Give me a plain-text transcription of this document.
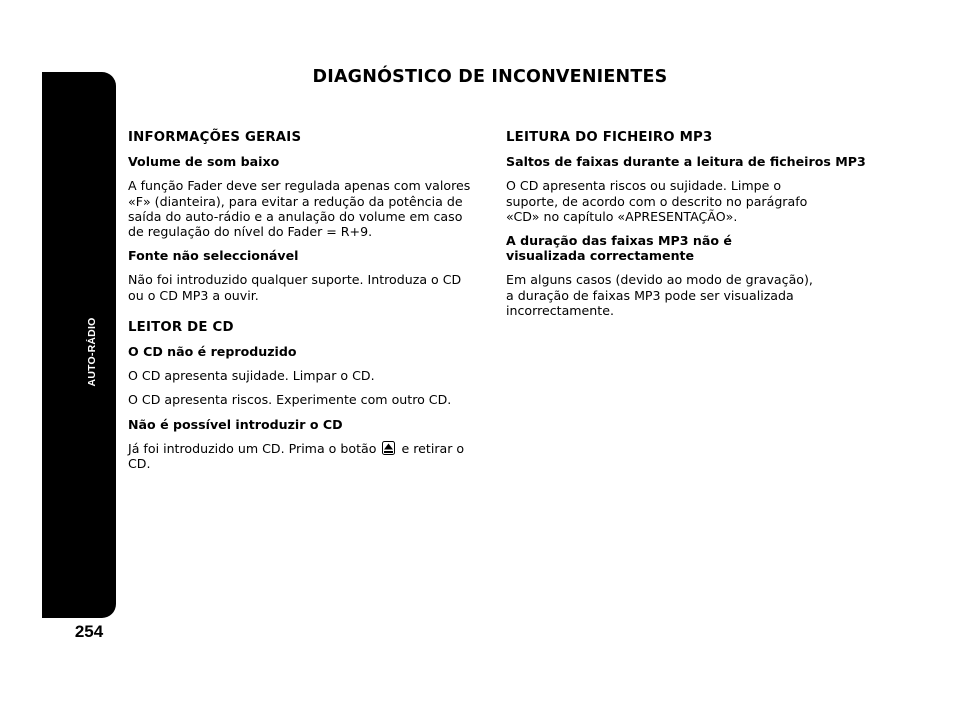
AUTO-RÁDIO
254
DIAGNÓSTICO DE INCONVENIENTES
INFORMAÇÕES GERAIS
Volume de som baixo

A função Fader deve ser regulada apenas com valores «F» (dianteira), para evitar a redução da potência de saída do auto-rádio e a anulação do volume em caso de regulação do nível do Fader = R+9.

Fonte não seleccionável

Não foi introduzido qualquer suporte. Introduza o CD ou o CD MP3 a ouvir.

LEITOR DE CD
O CD não é reproduzido

O CD apresenta sujidade. Limpar o CD.

O CD apresenta riscos. Experimente com outro CD.

Não é possível introduzir o CD

Já foi introduzido um CD. Prima o botão e retirar o CD.

LEITURA DO FICHEIRO MP3
Saltos de faixas durante a leitura de ficheiros MP3

O CD apresenta riscos ou sujidade. Limpe o suporte, de acordo com o descrito no parágrafo «CD» no capítulo «APRESENTAÇÃO».

A duração das faixas MP3 não é visualizada correctamente

Em alguns casos (devido ao modo de gravação), a duração de faixas MP3 pode ser visualizada incorrectamente.
